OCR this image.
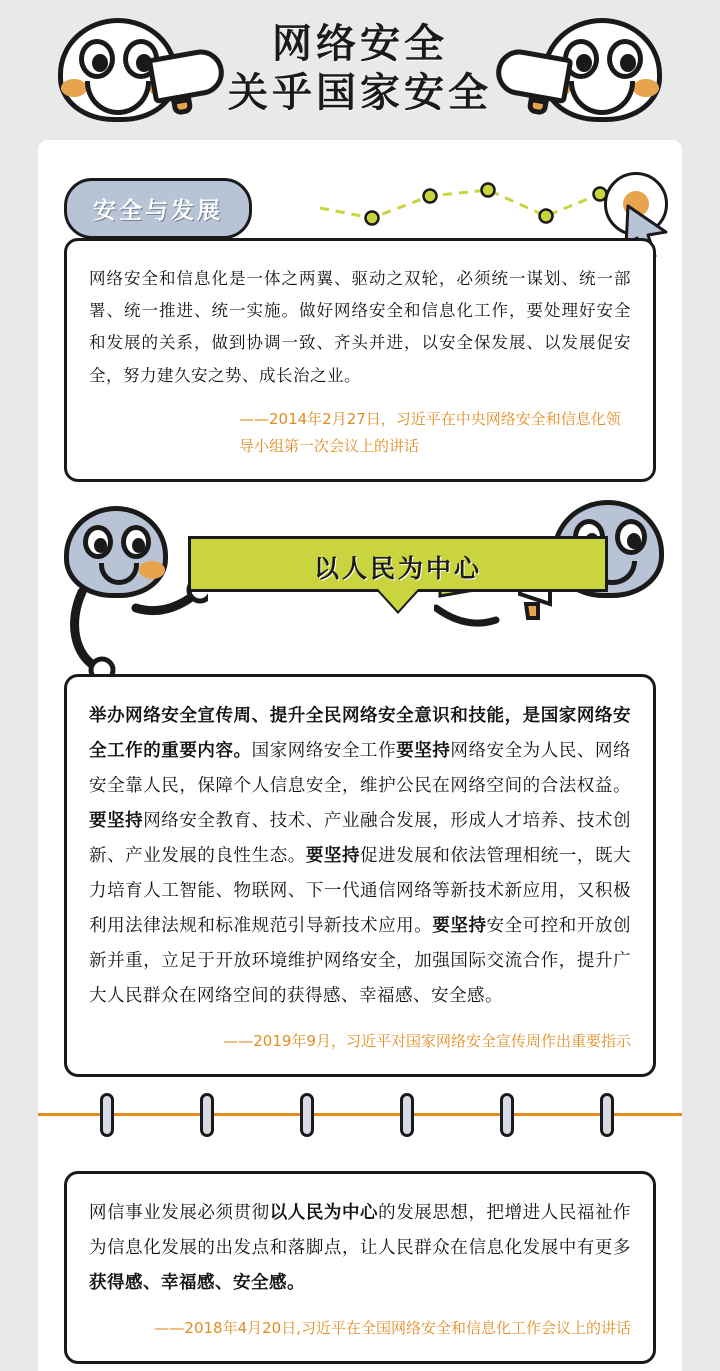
网络安全
关乎国家安全
安全与发展

网络安全和信息化是一体之两翼、驱动之双轮，必须统一谋划、统一部署、统一推进、统一实施。做好网络安全和信息化工作，要处理好安全和发展的关系，做到协调一致、齐头并进，以安全保发展、以发展促安全，努力建久安之势、成长治之业。

——2014年2月27日，习近平在中央网络安全和信息化领导小组第一次会议上的讲话
以人民为中心

举办网络安全宣传周、提升全民网络安全意识和技能，是国家网络安全工作的重要内容。国家网络安全工作要坚持网络安全为人民、网络安全靠人民，保障个人信息安全，维护公民在网络空间的合法权益。要坚持网络安全教育、技术、产业融合发展，形成人才培养、技术创新、产业发展的良性生态。要坚持促进发展和依法管理相统一，既大力培育人工智能、物联网、下一代通信网络等新技术新应用，又积极利用法律法规和标准规范引导新技术应用。要坚持安全可控和开放创新并重，立足于开放环境维护网络安全，加强国际交流合作，提升广大人民群众在网络空间的获得感、幸福感、安全感。

——2019年9月，习近平对国家网络安全宣传周作出重要指示

网信事业发展必须贯彻以人民为中心的发展思想，把增进人民福祉作为信息化发展的出发点和落脚点，让人民群众在信息化发展中有更多获得感、幸福感、安全感。

——2018年4月20日,习近平在全国网络安全和信息化工作会议上的讲话
